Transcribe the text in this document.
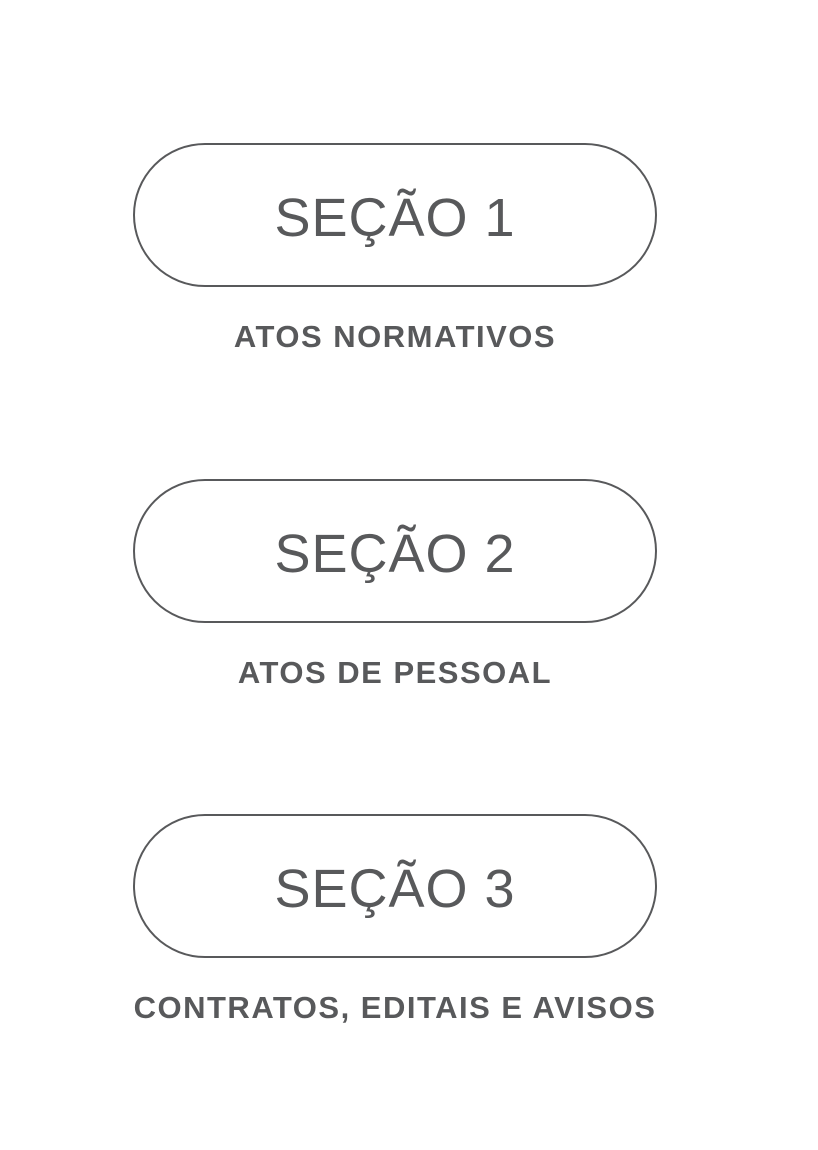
SEÇÃO 1
ATOS NORMATIVOS
SEÇÃO 2
ATOS DE PESSOAL
SEÇÃO 3
CONTRATOS, EDITAIS E AVISOS
